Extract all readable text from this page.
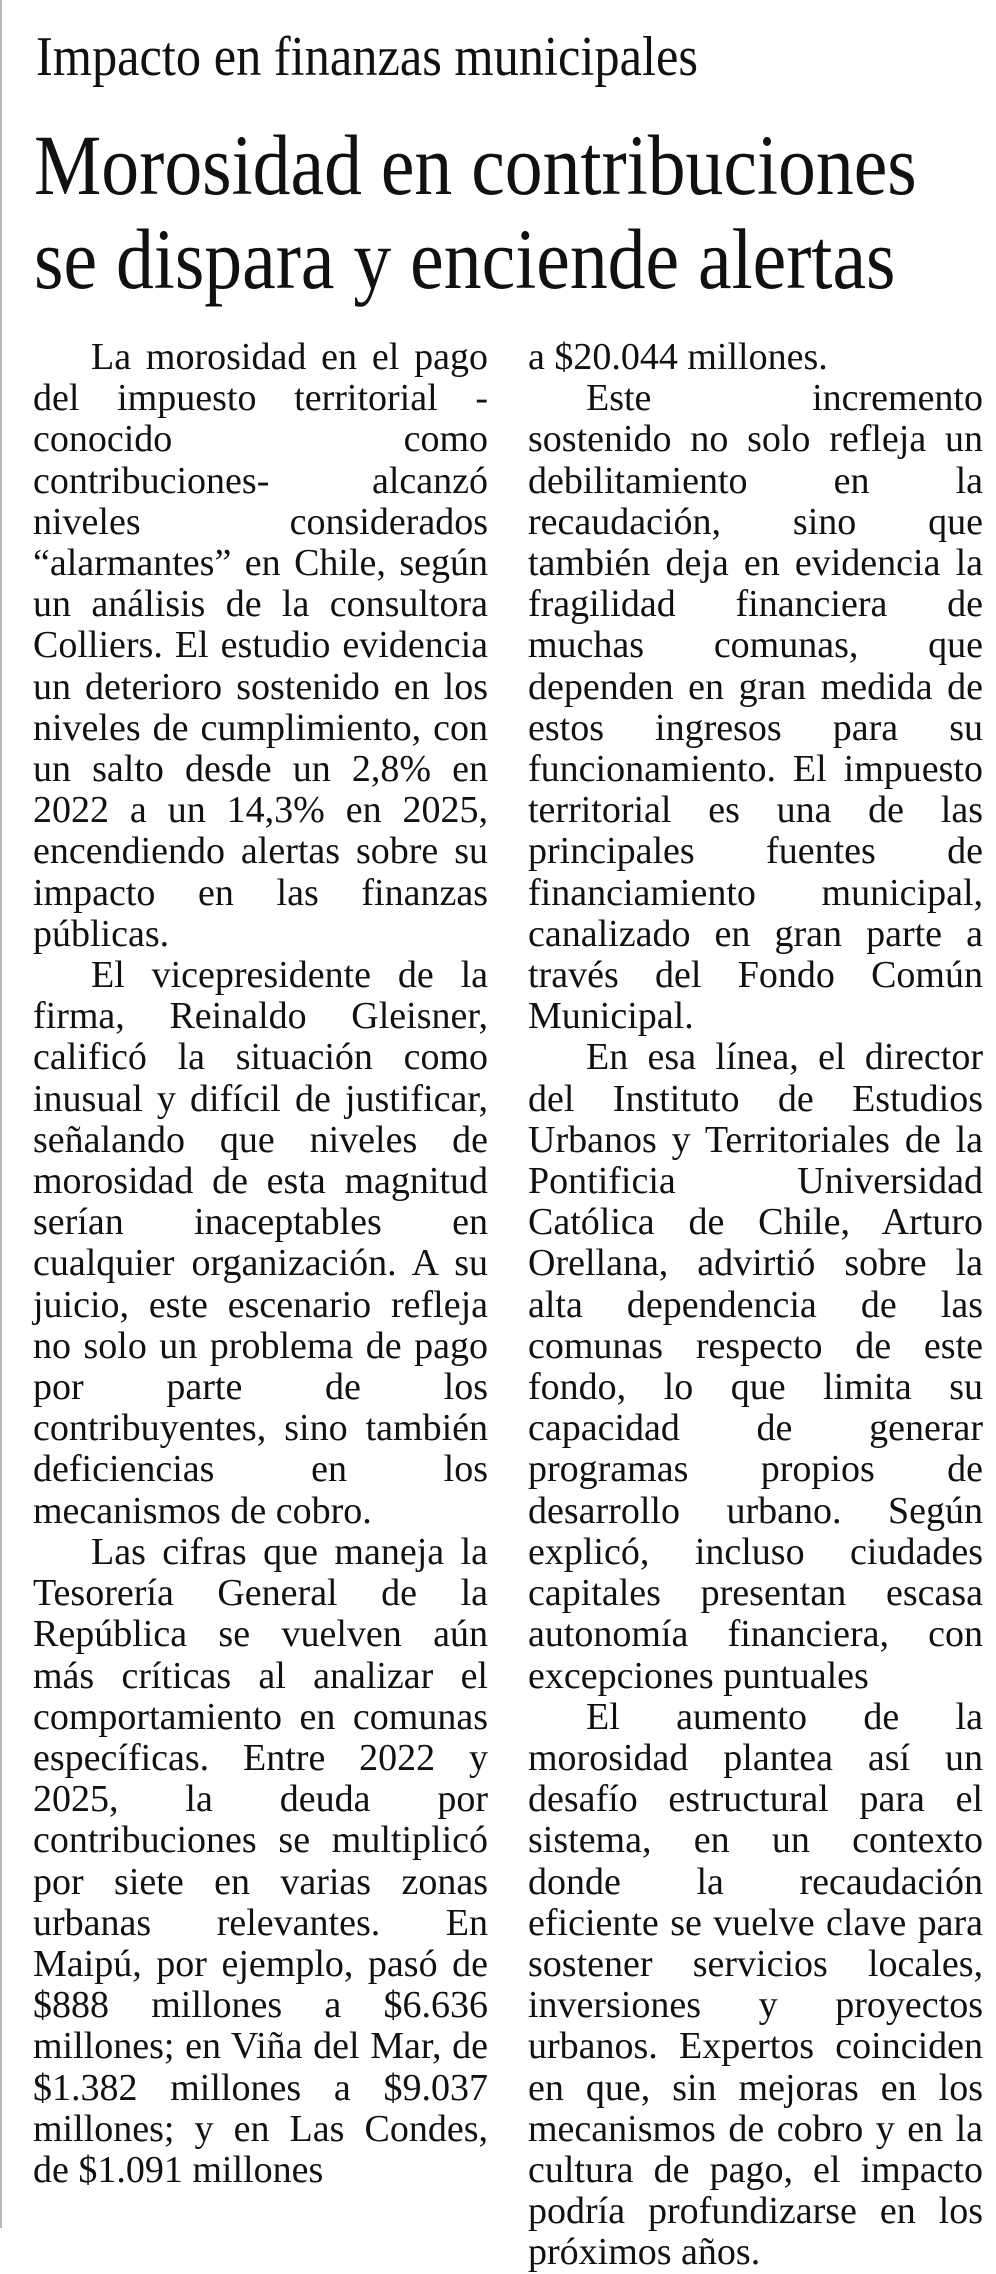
Impacto en finanzas municipales
Morosidad en contribuciones
se dispara y enciende alertas

La morosidad en el pago del impuesto territorial -conocido como contribuciones- alcanzó niveles considerados “alarmantes” en Chile, según un análisis de la consultora Colliers. El estudio evidencia un deterioro sostenido en los niveles de cumplimiento, con un salto desde un 2,8% en 2022 a un 14,3% en 2025, encendiendo alertas sobre su impacto en las finanzas públicas.

El vicepresidente de la firma, Reinaldo Gleisner, calificó la situación como inusual y difícil de justificar, señalando que niveles de morosidad de esta magnitud serían inaceptables en cualquier organización. A su juicio, este escenario refleja no solo un problema de pago por parte de los contribuyentes, sino también deficiencias en los mecanismos de cobro.

Las cifras que maneja la Tesorería General de la República se vuelven aún más críticas al analizar el comportamiento en comunas específicas. Entre 2022 y 2025, la deuda por contribuciones se multiplicó por siete en varias zonas urbanas relevantes. En Maipú, por ejemplo, pasó de $888 millones a $6.636 millones; en Viña del Mar, de $1.382 millones a $9.037 millones; y en Las Condes, de $1.091 millones

a $20.044 millones.

Este incremento sostenido no solo refleja un debilitamiento en la recaudación, sino que también deja en evidencia la fragilidad financiera de muchas comunas, que dependen en gran medida de estos ingresos para su funcionamiento. El impuesto territorial es una de las principales fuentes de financiamiento municipal, canalizado en gran parte a través del Fondo Común Municipal.

En esa línea, el director del Instituto de Estudios Urbanos y Territoriales de la Pontificia Universidad Católica de Chile, Arturo Orellana, advirtió sobre la alta dependencia de las comunas respecto de este fondo, lo que limita su capacidad de generar programas propios de desarrollo urbano. Según explicó, incluso ciudades capitales presentan escasa autonomía financiera, con excepciones puntuales

El aumento de la morosidad plantea así un desafío estructural para el sistema, en un contexto donde la recaudación eficiente se vuelve clave para sostener servicios locales, inversiones y proyectos urbanos. Expertos coinciden en que, sin mejoras en los mecanismos de cobro y en la cultura de pago, el impacto podría profundizarse en los próximos años.
